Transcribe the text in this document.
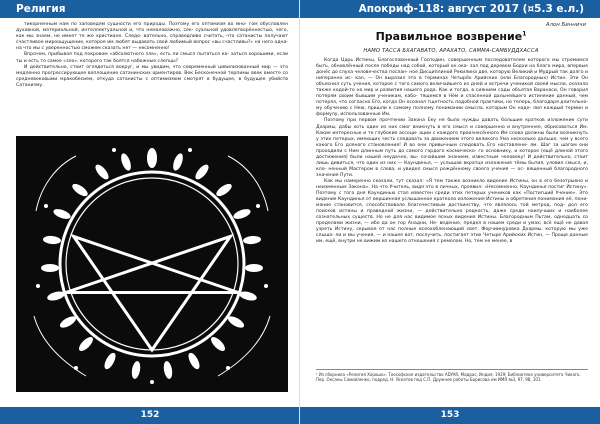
Религия

тикорненным нам по заповедям сущности его природы. Поэтому его оптимизм во мно- гом обусловлен духовной, материальной, интеллектуальной и, что немаловажно, сек- суальной удовлетворённостью, чего, как мы знаем, не имеет те же христиане. Следо- вательно, справедливо считать, что сатанисты получают счастливое мироощущение, которое им любят выдавать свой любимый вопрос «вы счастливы?» на него одна- на что мы с уверенностью сможем сказать нет — несомненно!

Впрочем, прибывая под покровом «абсолютного зла», есть ли смысл пытаться ка- заться хорошими, если ты и есть то самое «зло», которого так боятся набожные слепцы?

И действительно, стоит оглядеться вокруг, и мы увидим, что современный цивилизованный мир — это медленно прогрессирующее воплощение сатанинских ориентиров. Век Бесконечной терпимы ввек вместе со средневековыми мракобесием, откуда сатанисты с оптимизмом смотрят в будущее, в будущее убийств Сатанизму.

152
Апокриф-118: август 2017 (¤5.3 е.л.)
Алон Бинничи
Правильное возврение$^1$
НАМО ТАССА БХАГАВАТО, АРАХАТО, САММА-САМБУДДХАССА

Когда Царь Истины, Благословенный Господин, совершенным последователем которого мы стремимся быть, обновлённый после победы над собой, который он ока- зал под деревом Бодхи на благо мира, впервые донёс до слуха человечества послан- ное Дисциплиной Рекилина две, которую Великий и Мудрый так долго и ниперанно ис- кал, — Он выразил это в терминах Четырёх Арийских (или Благородных) Истин. Эти Он объяснил суть учения, которое с того самого величайшего из дней и встречи ученикой своей мысли, сказала также кодой-то на мир и развития нашего рода. Как и тогда, в сиянием сады объятая Варанаси, Он говорил потерям своим бывшим ученикам, кабо- тящемся в Нём и спасенной дальнейшего истиняние данный, чем потерял, что согласно Его, когда Он осознал тщетность подобной практики, но теперь, благодаря длительно- му обучению с Нею, пришли к самому полному понимании смысла, которым Он наде- лил каждый термин и формулу, использованные Им.

Поэтому при первом прочтении Закона Еку не было нужды давать большие кратков изложение сути Дхармы, дабы хоть один из них смог вникнуть в его смысл и совершенно и внутреннее, обрисоваться Им. Какие интересные и те глубокие ассоци- ации с каждого произнесённого Им слова должны были возникнуть у этих петерых, имеющих честь следовать за движением этого великого Ума несколько дальше, чем у всего какого Его дляного становления! И во они привычным следовать Его наставлени- ям. Шаг за шагом они проходили с Ним длинным путь до самого гордого космическо- го основнику, и которое (ещё длиной этого достижения) были нашей неудачно, вы- сочайшим знанием, известным человеку! И действительно, стоит лишь дивиться, что один из них — Каундинья, — услышав вкратце изложение тёмы бытия, уловил смысл, и, кло- ненный Мастером в слова, и увидел смысл рождённому своего учения — ос- вященный благородного значения Пути.

Как мы намеренно сказали, тут сказал: «Я тем также возникло видение Истины, он в его безотрывно и неизменным Закона». На что Учитель, видя это в личных, проявил: «Несомненно, Каундинья постиг Истину». Поэтому с того дня Каундинью стал известен среди этих петерых учеников как «Постигший Учение». Это видение Каундинья от вершинная услышанное кратколо изложения Истины и обретения понимания её, пони- мание становится, способствовало благочестивым достоинству, что являлось той метрод, под- дол его поисков истины и праведной жизни, — действительно редкость, даже среди наилучших и наиболее сознательных существ. Но не для нас видимое ясных видения Истины. Благородным Пьтам, однодцать со пределами жизни, — ибо да он гор Анадни, Не- ведение, предел в нашем среди и умах; всё ещё не давая узреть Истину, скрывая от нас полные всеохобленающий свет. Форчиинуровка Дхармы, которую мы уже слыша- ли и мы учения, — и нашее вот, послучить. постигает этих Четыре Арийских Истин, — Проще данные им, ещё, внутри не вижим из нашего отношения с ремолом. Но, тем не менее, в

¹ Из сборника «Религия Хорошо». Теософское издательство ADYAR, Мадрас, Индия, 1929; Библиотека университета Чикаго.

Пер. Оксаны Самойленко, подред. Н. Яскатов под С.П. Дружнее работы Борисова им ИМЯ №3, 97, 98, 101.

153
